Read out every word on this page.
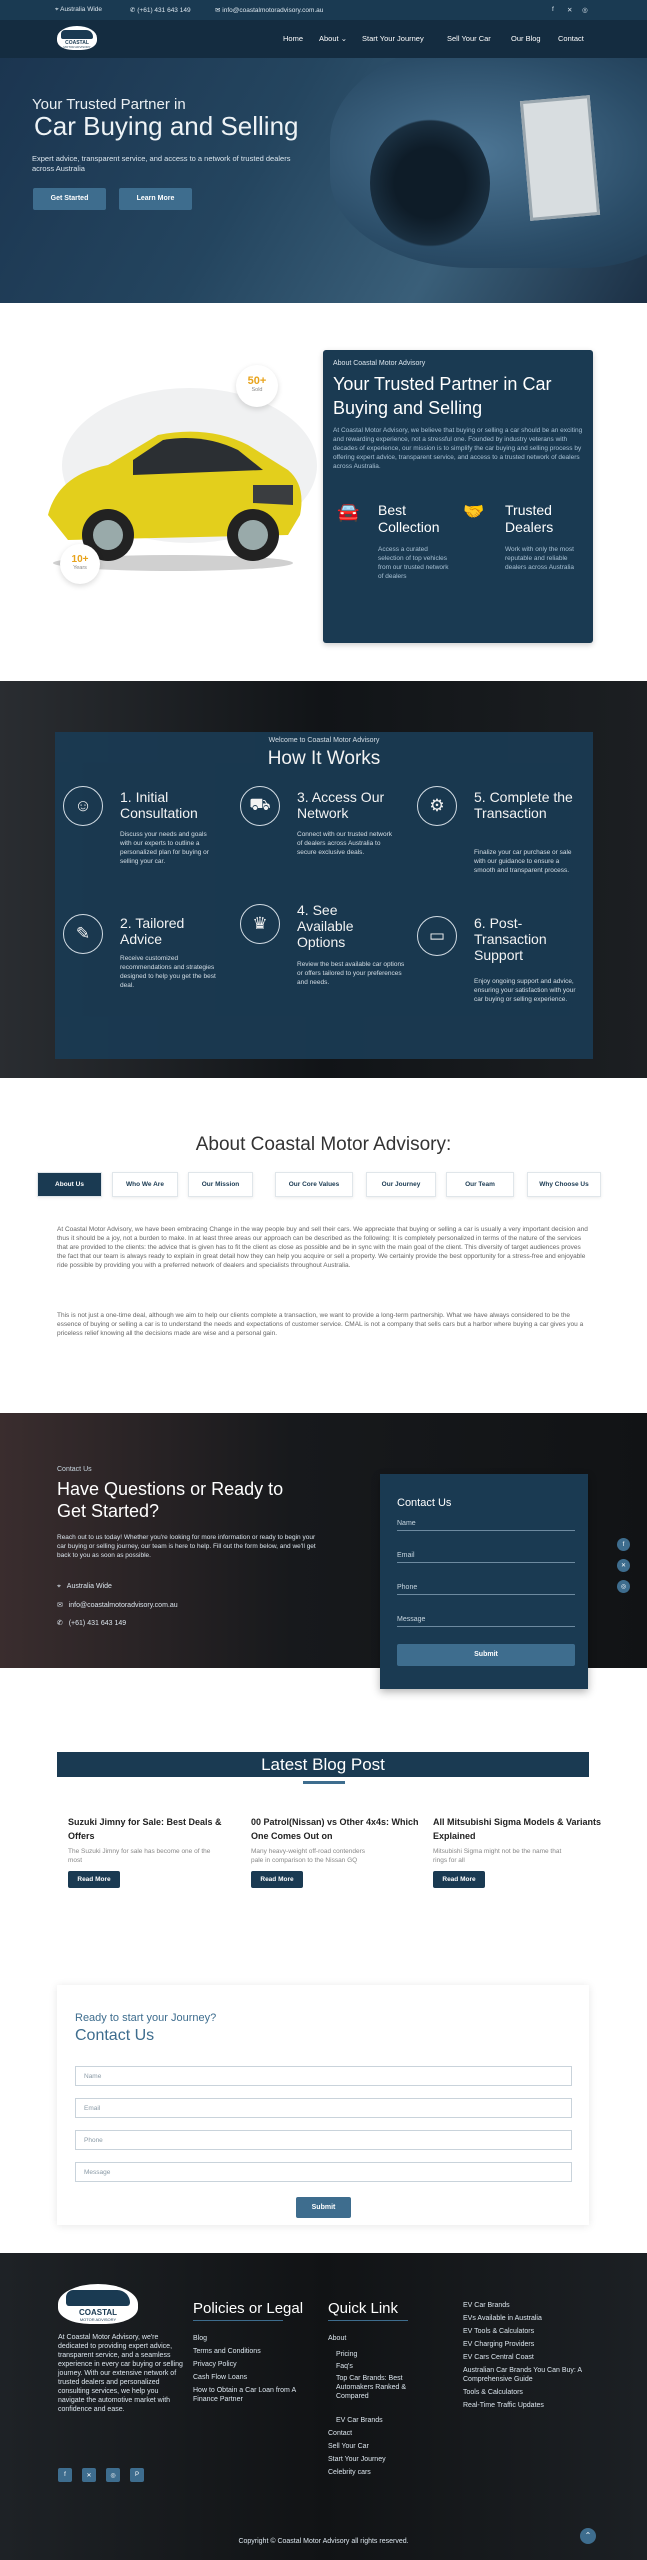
⌖ Australia Wide	✆ (+61) 431 643 149	✉ info@coastalmotoradvisory.com.au	f ✕ ◎
COASTAL
MOTOR ADVISORY
Home About ⌄ Start Your Journey	Sell Your Car	Our Blog Contact
Your Trusted Partner in
Car Buying and Selling
Expert advice, transparent service, and access to a network of trusted dealers across Australia
Get Started	Learn More
50+
Sold
10+
Years
About Coastal Motor Advisory
Your Trusted Partner in Car Buying and Selling
At Coastal Motor Advisory, we believe that buying or selling a car should be an exciting and rewarding experience, not a stressful one. Founded by industry veterans with decades of experience, our mission is to simplify the car buying and selling process by offering expert advice, transparent service, and access to a trusted network of dealers across Australia.
🚘 Best Collection
Access a curated selection of top vehicles from our trusted network of dealers
🤝	Trusted Dealers
Work with only the most reputable and reliable dealers across Australia
Welcome to Coastal Motor Advisory
How It Works
☺	1. Initial Consultation
Discuss your needs and goals with our experts to outline a personalized plan for buying or selling your car.
⛟	3. Access Our Network
Connect with our trusted network of dealers across Australia to secure exclusive deals.
⚙	5. Complete the Transaction
Finalize your car purchase or sale with our guidance to ensure a smooth and transparent process.
✎
2. Tailored Advice
Receive customized recommendations and strategies designed to help you get the best deal.
♛
4. See Available Options
Review the best available car options or offers tailored to your preferences and needs.
▭
6. Post-Transaction Support
Enjoy ongoing support and advice, ensuring your satisfaction with your car buying or selling experience.
About Coastal Motor Advisory:
About Us	Who We Are	Our Mission	Our Core Values	Our Journey	Our Team	Why Choose Us
At Coastal Motor Advisory, we have been embracing Change in the way people buy and sell their cars. We appreciate that buying or selling a car is usually a very important decision and thus it should be a joy, not a burden to make. In at least three areas our approach can be described as the following: It is completely personalized in terms of the nature of the services that are provided to the clients: the advice that is given has to fit the client as close as possible and be in sync with the main goal of the client. This diversity of target audiences proves the fact that our team is always ready to explain in great detail how they can help you acquire or sell a property. We certainly provide the best opportunity for a stress-free and enjoyable ride possible by providing you with a preferred network of dealers and specialists throughout Australia.
This is not just a one-time deal, although we aim to help our clients complete a transaction, we want to provide a long-term partnership. What we have always considered to be the essence of buying or selling a car is to understand the needs and expectations of customer service. CMAL is not a company that sells cars but a harbor where buying a car gives you a priceless relief knowing all the decisions made are wise and a personal gain.
Contact Us
Have Questions or Ready to Get Started?
Reach out to us today! Whether you're looking for more information or ready to begin your car buying or selling journey, our team is here to help. Fill out the form below, and we'll get back to you as soon as possible.
⌖ Australia Wide
✉ info@coastalmotoradvisory.com.au
✆ (+61) 431 643 149
Contact Us
Name
Email
Phone
Message
Submit
f
✕
◎
Latest Blog Post
Suzuki Jimny for Sale: Best Deals & Offers
The Suzuki Jimny for sale has become one of the most
Read More
00 Patrol(Nissan) vs Other 4x4s: Which One Comes Out on
Many heavy-weight off-road contenders pale in comparison to the Nissan GQ
Read More
All Mitsubishi Sigma Models & Variants Explained
Mitsubishi Sigma might not be the name that rings for all
Read More
Ready to start your Journey?
Contact Us
Name
Email
Phone
Message
Submit
COASTAL
MOTOR ADVISORY
At Coastal Motor Advisory, we're dedicated to providing expert advice, transparent service, and a seamless experience in every car buying or selling journey. With our extensive network of trusted dealers and personalized consulting services, we help you navigate the automotive market with confidence and ease.
f	✕	◎	P
Policies or Legal
Blog
Terms and Conditions
Privacy Policy
Cash Flow Loans
How to Obtain a Car Loan from A Finance Partner
Quick Link
About
Pricing
Faq's
Top Car Brands: Best Automakers Ranked & Compared
EV Car Brands
Contact
Sell Your Car
Start Your Journey
Celebrity cars
EV Car Brands
EVs Available in Australia
EV Tools & Calculators
EV Charging Providers
EV Cars Central Coast
Australian Car Brands You Can Buy: A Comprehensive Guide
Tools & Calculators
Real-Time Traffic Updates
Copyright © Coastal Motor Advisory all rights reserved.
⌃
